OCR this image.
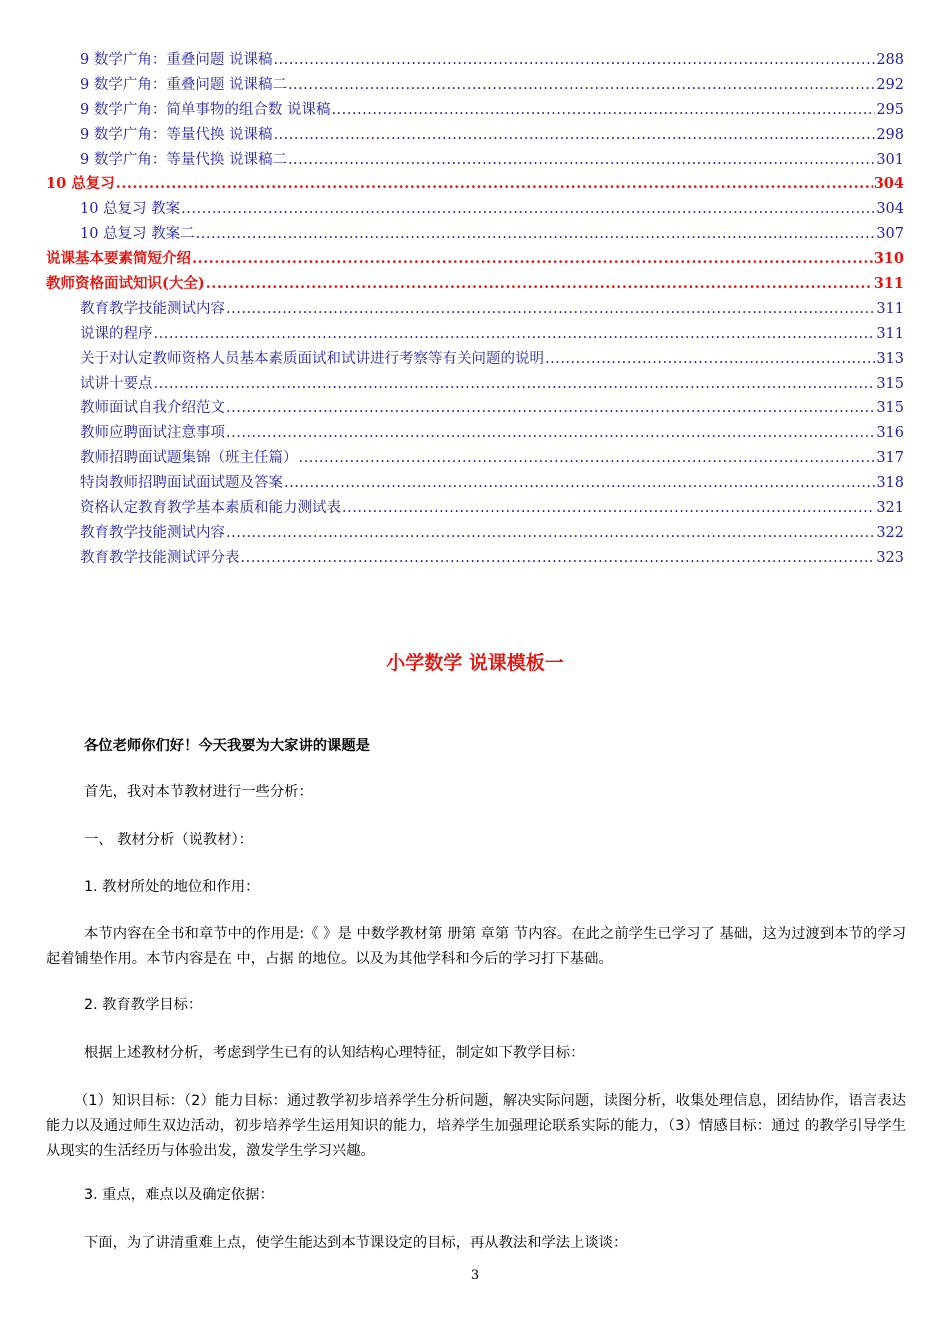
9 数学广角：重叠问题 说课稿 .....	288
9 数学广角：重叠问题 说课稿二 .....	292
9 数学广角：简单事物的组合数 说课稿 .....	295
9 数学广角：等量代换 说课稿 .....	298
9 数学广角：等量代换 说课稿二 .....	301
10 总复习 .....	304
10 总复习 教案 .....	304
10 总复习 教案二 .....	307
说课基本要素简短介绍 .....	310
教师资格面试知识(大全) .....	311
教育教学技能测试内容 .....	311
说课的程序 .....	311
关于对认定教师资格人员基本素质面试和试讲进行考察等有关问题的说明 .....	313
试讲十要点 .....	315
教师面试自我介绍范文 .....	315
教师应聘面试注意事项 .....	316
教师招聘面试题集锦（班主任篇） .....	317
特岗教师招聘面试面试题及答案 .....	318
资格认定教育教学基本素质和能力测试表 .....	321
教育教学技能测试内容 .....	322
教育教学技能测试评分表 .....	323
小学数学 说课模板一

各位老师你们好！今天我要为大家讲的课题是

首先，我对本节教材进行一些分析：

一、 教材分析（说教材）：

1. 教材所处的地位和作用：

本节内容在全书和章节中的作用是:《 》是 中数学教材第 册第 章第 节内容。在此之前学生已学习了 基础，这为过渡到本节的学习起着铺垫作用。本节内容是在 中，占据 的地位。以及为其他学科和今后的学习打下基础。

2. 教育教学目标：

根据上述教材分析，考虑到学生已有的认知结构心理特征，制定如下教学目标：

（1）知识目标：（2）能力目标：通过教学初步培养学生分析问题，解决实际问题，读图分析，收集处理信息，团结协作，语言表达能力以及通过师生双边活动，初步培养学生运用知识的能力，培养学生加强理论联系实际的能力，（3）情感目标：通过 的教学引导学生从现实的生活经历与体验出发，激发学生学习兴趣。

3. 重点，难点以及确定依据：

下面，为了讲清重难上点，使学生能达到本节课设定的目标，再从教法和学法上谈谈：

3
